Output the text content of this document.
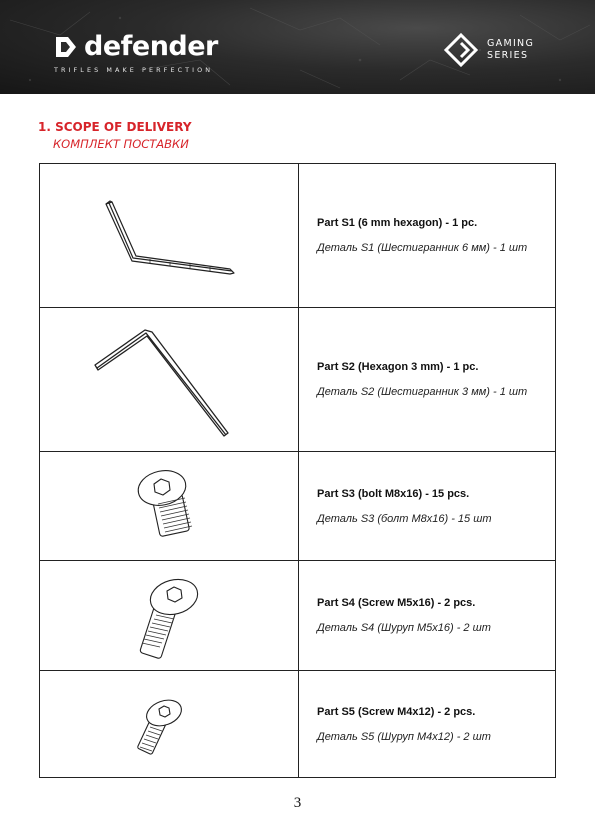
defender
TRIFLES MAKE PERFECTION
GAMING
SERIES
1. SCOPE OF DELIVERY
КОМПЛЕКТ ПОСТАВКИ

Part S1 (6 mm hexagon) - 1 pc.

Деталь S1 (Шестигранник 6 мм) - 1 шт

Part S2 (Hexagon 3 mm) - 1 pc.

Деталь S2 (Шестигранник 3 мм) - 1 шт

Part S3 (bolt M8x16) - 15 pcs.

Деталь S3 (болт M8x16) - 15 шт

Part S4 (Screw M5x16) - 2 pcs.

Деталь S4 (Шуруп M5x16) - 2 шт

Part S5 (Screw M4x12) - 2 pcs.

Деталь S5 (Шуруп M4x12) - 2 шт

3
